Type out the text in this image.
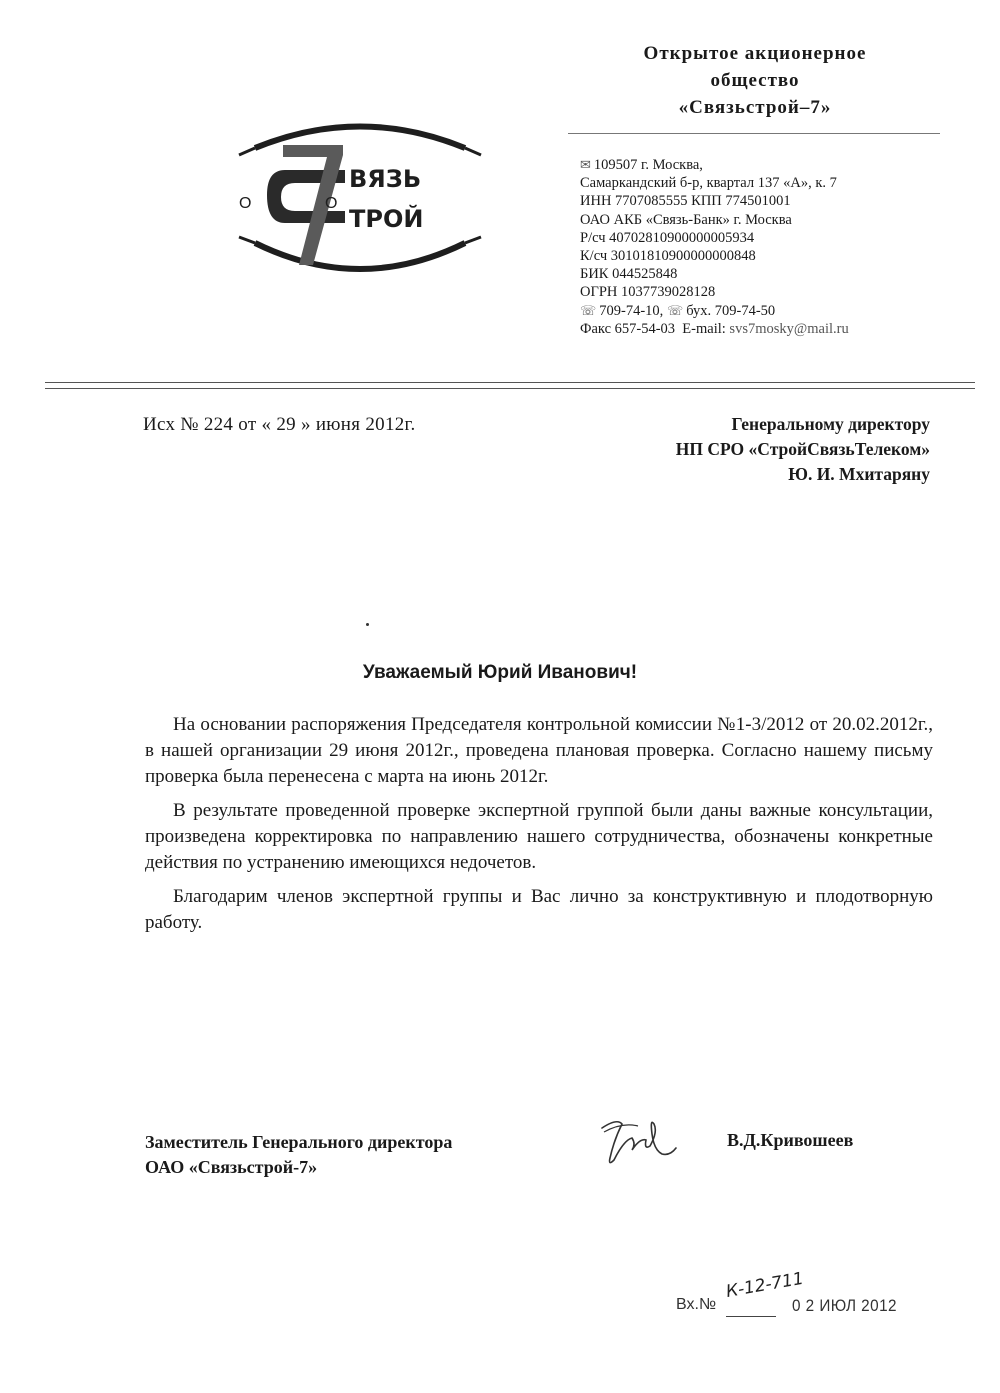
Открытое акционерное
общество
«Связьстрой–7»
О	А О
ВЯЗЬ
ТРОЙ
✉ 109507 г. Москва,
Самаркандский б-р, квартал 137 «А», к. 7
ИНН 7707085555 КПП 774501001
ОАО АКБ «Связь-Банк» г. Москва
Р/сч 40702810900000005934
К/сч 30101810900000000848
БИК 044525848
ОГРН 1037739028128
☏ 709-74-10, ☏ бух. 709-74-50
Факс 657-54-03 E-mail: svs7mosky@mail.ru
Исх № 224 от « 29 » июня 2012г.	Генеральному директору
НП СРО «СтройСвязьТелеком»
Ю. И. Мхитаряну
Уважаемый Юрий Иванович!

На основании распоряжения Председателя контрольной комиссии №1-3/2012 от 20.02.2012г., в нашей организации 29 июня 2012г., проведена плановая проверка. Согласно нашему письму проверка была перенесена с марта на июнь 2012г.

В результате проведенной проверке экспертной группой были даны важные консультации, произведена корректировка по направлению нашего сотрудничества, обозначены конкретные действия по устранению имеющихся недочетов.

Благодарим членов экспертной группы и Вас лично за конструктивную и плодотворную работу.

Заместитель Генерального директора
ОАО «Связьстрой-7»
В.Д.Кривошеев
Вх.№
К-12-711
0 2 ИЮЛ 2012
